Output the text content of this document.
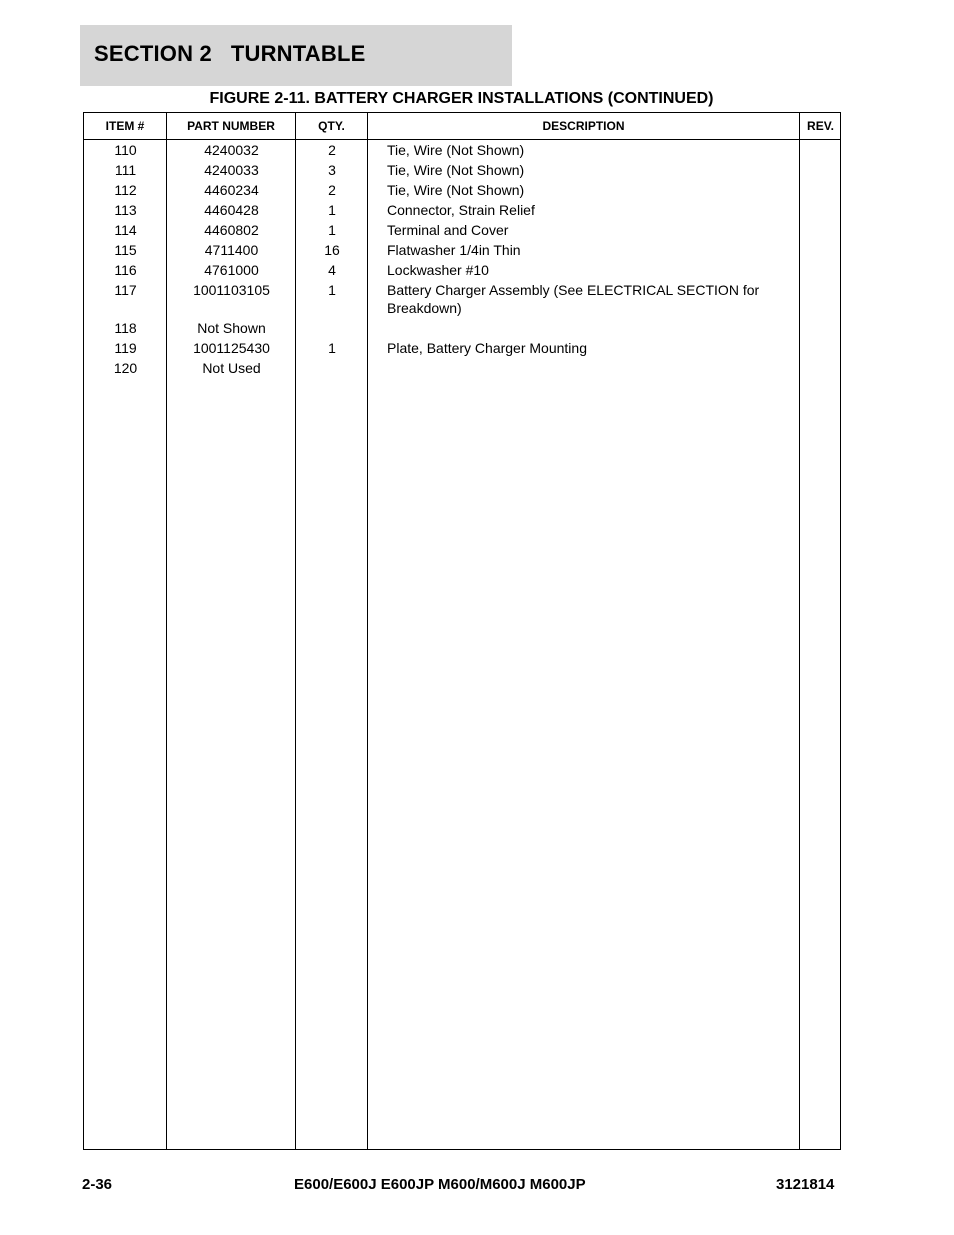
SECTION 2   TURNTABLE
FIGURE 2-11. BATTERY CHARGER INSTALLATIONS (CONTINUED)
ITEM #	PART NUMBER	QTY.	DESCRIPTION	REV.
110	4240032	2	Tie, Wire (Not Shown)
111	4240033	3	Tie, Wire (Not Shown)
112	4460234	2	Tie, Wire (Not Shown)
113	4460428	1	Connector, Strain Relief
114	4460802	1	Terminal and Cover
115	4711400	16	Flatwasher 1/4in Thin
116	4761000	4	Lockwasher #10
117	1001103105	1	Battery Charger Assembly (See ELECTRICAL SECTION for Breakdown)
118	Not Shown
119	1001125430	1	Plate, Battery Charger Mounting
120	Not Used
2-36	E600/E600J E600JP M600/M600J M600JP	3121814
